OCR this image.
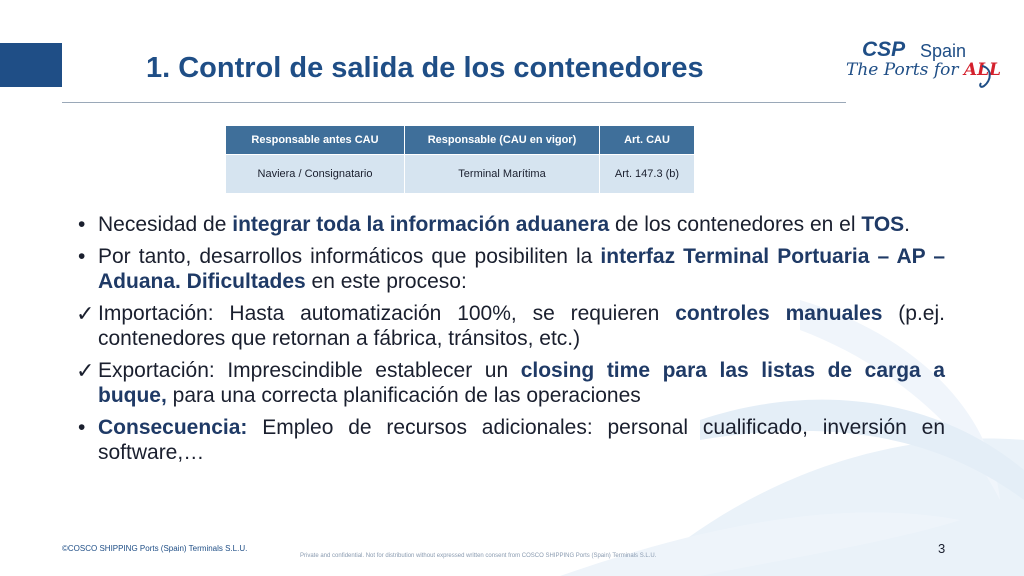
1. Control de salida de los contenedores
CSP Spain
The Ports for ALL
Responsable antes CAU	Responsable (CAU en vigor)	Art. CAU
Naviera / Consignatario	Terminal Marítima	Art. 147.3 (b)
• Necesidad de integrar toda la información aduanera de los contenedores en el TOS.
• Por tanto, desarrollos informáticos que posibiliten la interfaz Terminal Portuaria – AP – Aduana. Dificultades en este proceso:
✓ Importación: Hasta automatización 100%, se requieren controles manuales (p.ej. contenedores que retornan a fábrica, tránsitos, etc.)
✓ Exportación: Imprescindible establecer un closing time para las listas de carga a buque, para una correcta planificación de las operaciones
• Consecuencia: Empleo de recursos adicionales: personal cualificado, inversión en software,…
©COSCO SHIPPING Ports (Spain) Terminals S.L.U.
Private and confidential. Not for distribution without expressed written consent from COSCO SHIPPING Ports (Spain) Terminals S.L.U.	3
